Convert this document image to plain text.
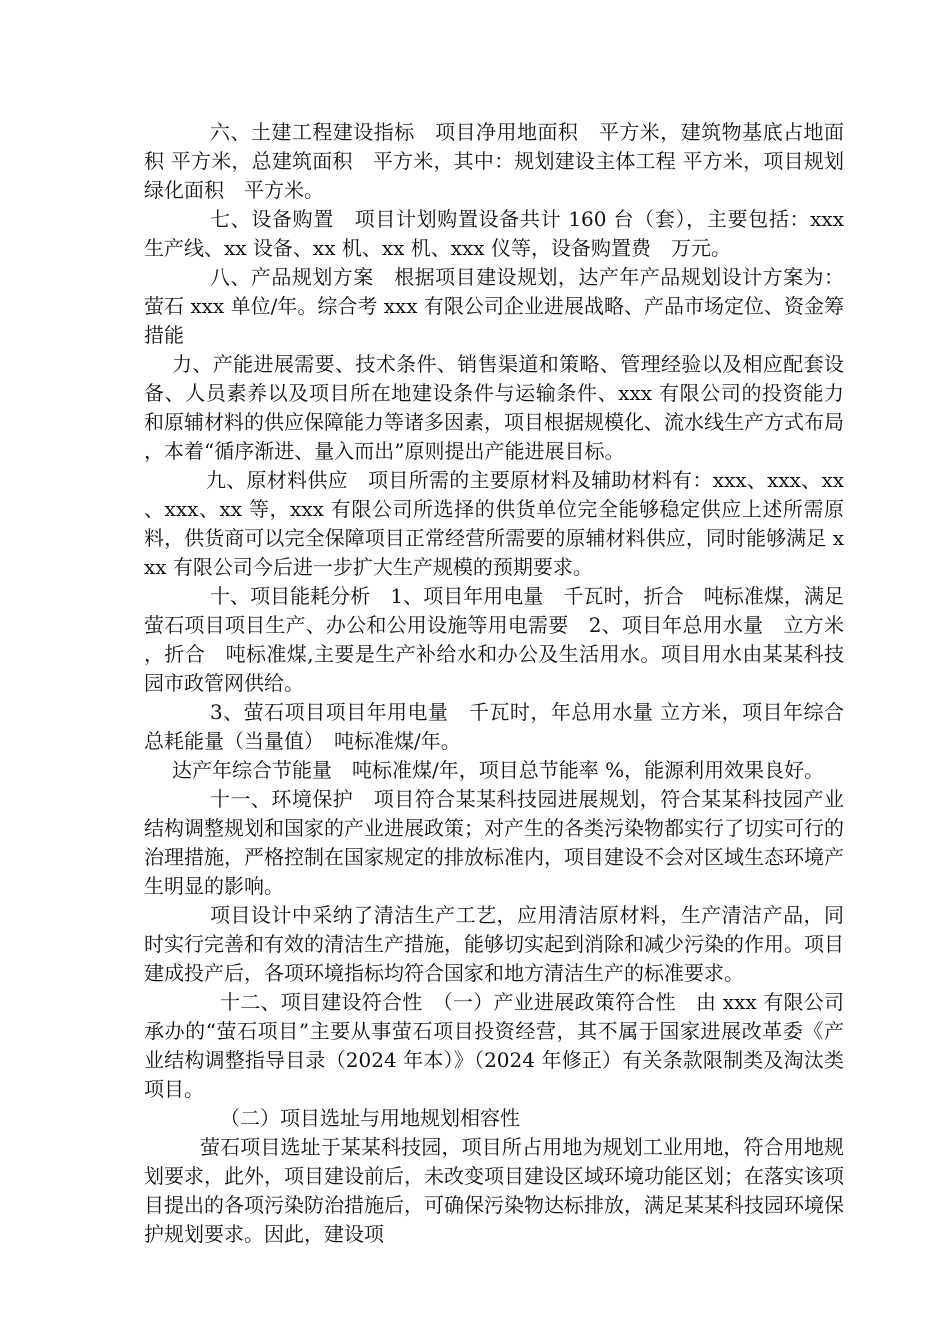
六、土建工程建设指标　项目净用地面积　平方米，建筑物基底占地面积 平方米，总建筑面积　平方米，其中：规划建设主体工程 平方米，项目规划绿化面积　平方米。

七、设备购置　项目计划购置设备共计 160 台（套），主要包括：xxx 生产线、xx 设备、xx 机、xx 机、xxx 仪等，设备购置费　万元。

八、产品规划方案　根据项目建设规划，达产年产品规划设计方案为：萤石 xxx 单位/年。综合考 xxx 有限公司企业进展战略、产品市场定位、资金筹措能

力、产能进展需要、技术条件、销售渠道和策略、管理经验以及相应配套设备、人员素养以及项目所在地建设条件与运输条件、xxx 有限公司的投资能力和原辅材料的供应保障能力等诸多因素，项目根据规模化、流水线生产方式布局，本着“循序渐进、量入而出”原则提出产能进展目标。

九、原材料供应　项目所需的主要原材料及辅助材料有：xxx、xxx、xx、xxx、xx 等，xxx 有限公司所选择的供货单位完全能够稳定供应上述所需原料，供货商可以完全保障项目正常经营所需要的原辅材料供应，同时能够满足 xxx 有限公司今后进一步扩大生产规模的预期要求。

十、项目能耗分析　1、项目年用电量　千瓦时，折合　吨标准煤，满足萤石项目项目生产、办公和公用设施等用电需要　2、项目年总用水量　立方米，折合　吨标准煤,主要是生产补给水和办公及生活用水。项目用水由某某科技园市政管网供给。

3、萤石项目项目年用电量　千瓦时，年总用水量 立方米，项目年综合总耗能量（当量值）　吨标准煤/年。

达产年综合节能量　吨标准煤/年，项目总节能率 %，能源利用效果良好。

十一、环境保护　项目符合某某科技园进展规划，符合某某科技园产业结构调整规划和国家的产业进展政策；对产生的各类污染物都实行了切实可行的治理措施，严格控制在国家规定的排放标准内，项目建设不会对区域生态环境产生明显的影响。

项目设计中采纳了清洁生产工艺，应用清洁原材料，生产清洁产品，同时实行完善和有效的清洁生产措施，能够切实起到消除和减少污染的作用。项目建成投产后，各项环境指标均符合国家和地方清洁生产的标准要求。

十二、项目建设符合性　（一）产业进展政策符合性　由 xxx 有限公司承办的“萤石项目”主要从事萤石项目投资经营，其不属于国家进展改革委《产业结构调整指导目录（2024 年本）》（2024 年修正）有关条款限制类及淘汰类项目。

（二）项目选址与用地规划相容性

萤石项目选址于某某科技园，项目所占用地为规划工业用地，符合用地规划要求，此外，项目建设前后，未改变项目建设区域环境功能区划；在落实该项目提出的各项污染防治措施后，可确保污染物达标排放，满足某某科技园环境保护规划要求。因此，建设项
